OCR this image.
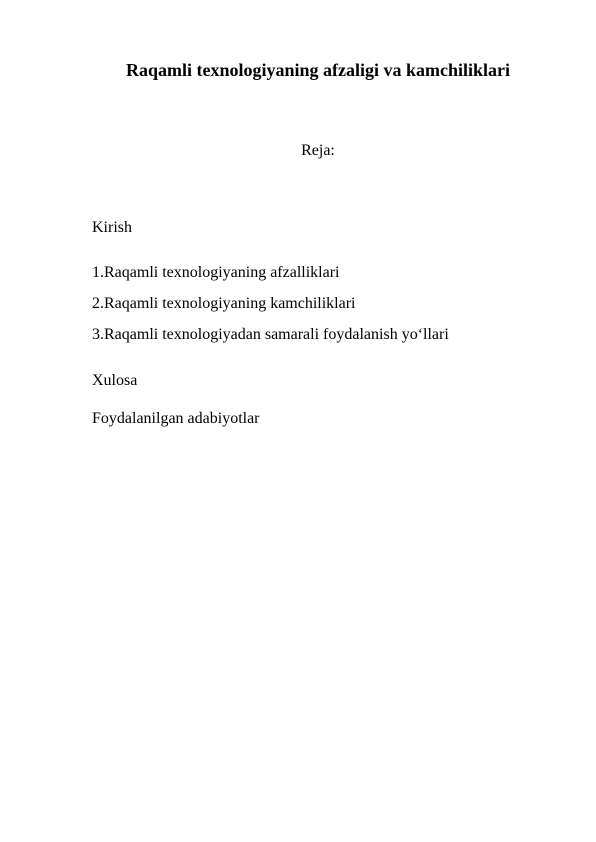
Raqamli texnologiyaning afzaligi va kamchiliklari

Reja:

Kirish

1.Raqamli texnologiyaning afzalliklari

2.Raqamli texnologiyaning kamchiliklari

3.Raqamli texnologiyadan samarali foydalanish yo‘llari

Xulosa

Foydalanilgan adabiyotlar
